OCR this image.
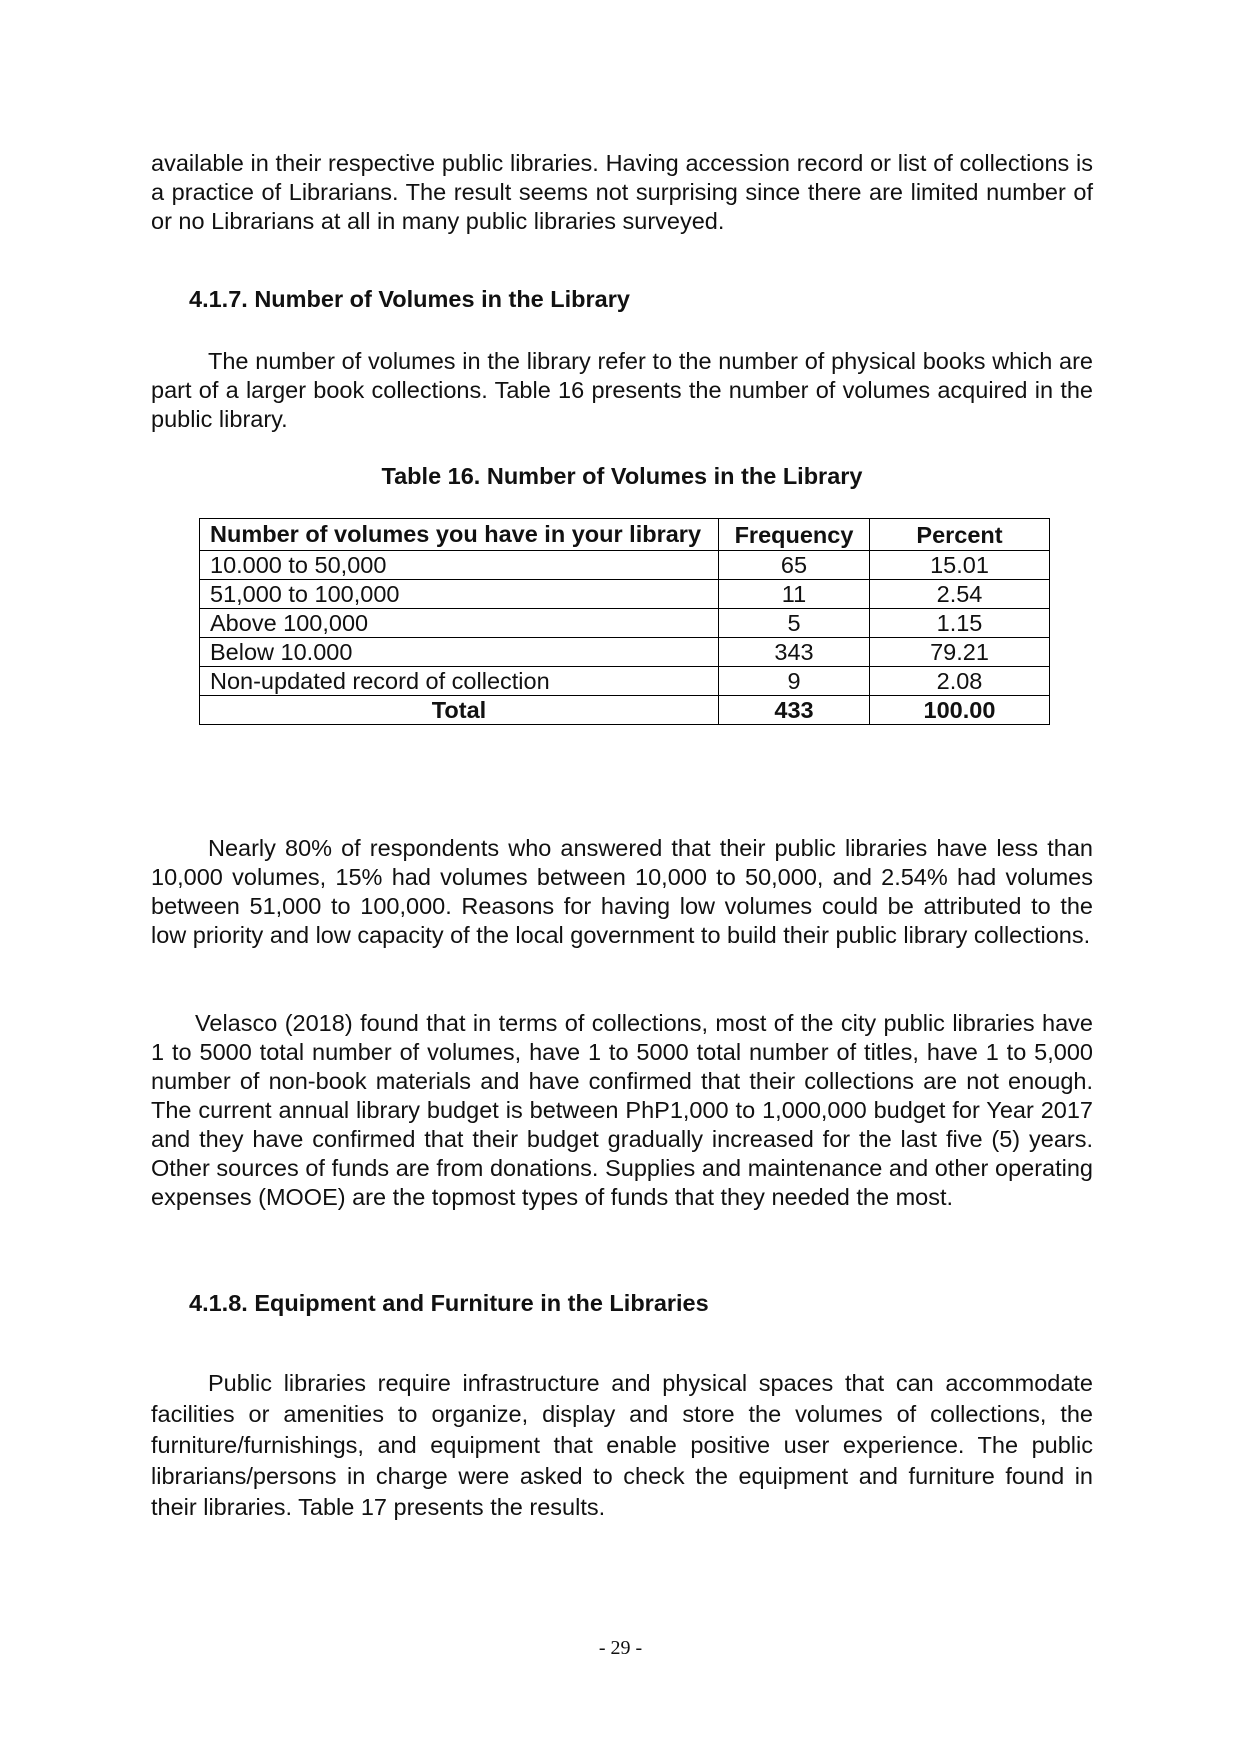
available in their respective public libraries. Having accession record or list of collections is a practice of Librarians. The result seems not surprising since there are limited number of or no Librarians at all in many public libraries surveyed.

4.1.7. Number of Volumes in the Library

The number of volumes in the library refer to the number of physical books which are part of a larger book collections. Table 16 presents the number of volumes acquired in the public library.

Table 16. Number of Volumes in the Library

Number of volumes you have in your library	Frequency	Percent
10.000 to 50,000	65	15.01
51,000 to 100,000	11	2.54
Above 100,000	5	1.15
Below 10.000	343	79.21
Non-updated record of collection	9	2.08
Total	433	100.00

Nearly 80% of respondents who answered that their public libraries have less than 10,000 volumes, 15% had volumes between 10,000 to 50,000, and 2.54% had volumes between 51,000 to 100,000. Reasons for having low volumes could be attributed to the low priority and low capacity of the local government to build their public library collections.

Velasco (2018) found that in terms of collections, most of the city public libraries have 1 to 5000 total number of volumes, have 1 to 5000 total number of titles, have 1 to 5,000 number of non-book materials and have confirmed that their collections are not enough. The current annual library budget is between PhP1,000 to 1,000,000 budget for Year 2017 and they have confirmed that their budget gradually increased for the last five (5) years. Other sources of funds are from donations. Supplies and maintenance and other operating expenses (MOOE) are the topmost types of funds that they needed the most.

4.1.8. Equipment and Furniture in the Libraries

Public libraries require infrastructure and physical spaces that can accommodate facilities or amenities to organize, display and store the volumes of collections, the furniture/furnishings, and equipment that enable positive user experience. The public librarians/persons in charge were asked to check the equipment and furniture found in their libraries. Table 17 presents the results.

- 29 -
